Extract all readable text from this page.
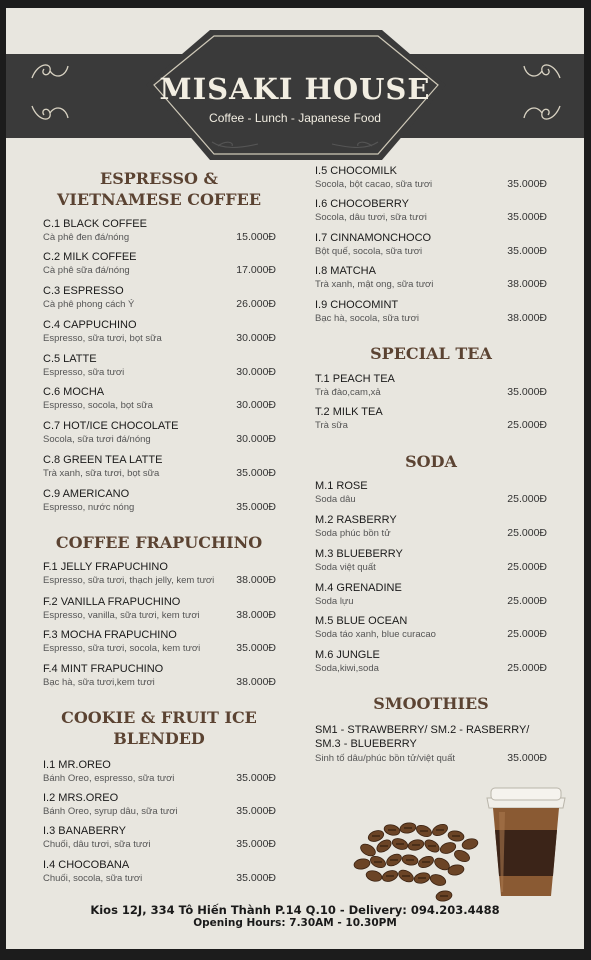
MISAKI HOUSE
Coffee - Lunch - Japanese Food
ESPRESSO &
VIETNAMESE COFFEE
C.1 BLACK COFFEE
Cà phê đen đá/nóng	15.000Đ
C.2 MILK COFFEE
Cà phê sữa đá/nóng	17.000Đ
C.3 ESPRESSO
Cà phê phong cách Ý	26.000Đ
C.4 CAPPUCHINO
Espresso, sữa tươi, bọt sữa	30.000Đ
C.5 LATTE
Espresso, sữa tươi	30.000Đ
C.6 MOCHA
Espresso, socola, bọt sữa	30.000Đ
C.7 HOT/ICE CHOCOLATE
Socola, sữa tươi đá/nóng	30.000Đ
C.8 GREEN TEA LATTE
Trà xanh, sữa tươi, bọt sữa	35.000Đ
C.9 AMERICANO
Espresso, nước nóng	35.000Đ
COFFEE FRAPUCHINO
F.1 JELLY FRAPUCHINO
Espresso, sữa tươi, thạch jelly, kem tươi 38.000Đ
F.2 VANILLA FRAPUCHINO
Espresso, vanilla, sữa tươi, kem tươi	38.000Đ
F.3 MOCHA FRAPUCHINO
Espresso, sữa tươi, socola, kem tươi	35.000Đ
F.4 MINT FRAPUCHINO
Bạc hà, sữa tươi,kem tươi	38.000Đ
COOKIE & FRUIT ICE
BLENDED
I.1 MR.OREO
Bánh Oreo, espresso, sữa tươi	35.000Đ
I.2 MRS.OREO
Bánh Oreo, syrup dâu, sữa tươi	35.000Đ
I.3 BANABERRY
Chuối, dâu tươi, sữa tươi	35.000Đ
I.4 CHOCOBANA
Chuối, socola, sữa tươi	35.000Đ
I.5 CHOCOMILK
Socola, bột cacao, sữa tươi	35.000Đ
I.6 CHOCOBERRY
Socola, dâu tươi, sữa tươi	35.000Đ
I.7 CINNAMONCHOCO
Bột quế, socola, sữa tươi	35.000Đ
I.8 MATCHA
Trà xanh, mật ong, sữa tươi	38.000Đ
I.9 CHOCOMINT
Bạc hà, socola, sữa tươi	38.000Đ
SPECIAL TEA
T.1 PEACH TEA
Trà đào,cam,xả	35.000Đ
T.2 MILK TEA
Trà sữa	25.000Đ
SODA
M.1 ROSE
Soda dâu	25.000Đ
M.2 RASBERRY
Soda phúc bồn tử	25.000Đ
M.3 BLUEBERRY
Soda việt quất	25.000Đ
M.4 GRENADINE
Soda lựu	25.000Đ
M.5 BLUE OCEAN
Soda táo xanh, blue curacao	25.000Đ
M.6 JUNGLE
Soda,kiwi,soda	25.000Đ
SMOOTHIES
SM1 - STRAWBERRY/ SM.2 - RASBERRY/
SM.3 - BLUEBERRY
Sinh tố dâu/phúc bồn tử/việt quất	35.000Đ
Kios 12J, 334 Tô Hiến Thành P.14 Q.10 - Delivery: 094.203.4488
Opening Hours: 7.30AM - 10.30PM
